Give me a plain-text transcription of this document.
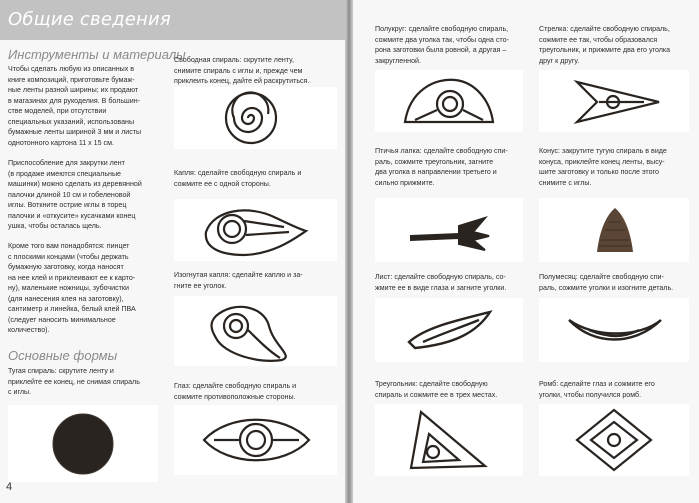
Общие сведения
Инструменты и материалы

Чтобы сделать любую из описанных в
книге композиций, приготовьте бумаж-
ные ленты разной ширины; их продают
в магазинах для рукоделия. В большин-
стве моделей, при отсутствии
специальных указаний, использованы
бумажные ленты шириной 3 мм и листы
однотонного картона 11 x 15 см.

Приспособление для закрутки лент
(в продаже имеются специальные
машинки) можно сделать из деревянной
палочки длиной 10 см и гобеленовой
иглы. Воткните острие иглы в торец
палочки и «откусите» кусачками конец
ушка, чтобы осталась щель.

Кроме того вам понадобятся: пинцет
с плоскими концами (чтобы держать
бумажную заготовку, когда наносят
на нее клей и приклеивают ее к карто-
ну), маленькие ножницы, зубочистки
(для нанесения клея на заготовку),
сантиметр и линейка, белый клей ПВА
(следует наносить минимальное
количество).

Основные формы

Тугая спираль: скрутите ленту и
приклейте ее конец, не снимая спираль
с иглы.

Свободная спираль: скрутите ленту,
снимите спираль с иглы и, прежде чем
приклеить конец, дайте ей раскрутиться.

Капля: сделайте свободную спираль и
сожмите ее с одной стороны.

Изогнутая капля: сделайте каплю и за-
гните ее уголок.

Глаз: сделайте свободную спираль и
сожмите противоположные стороны.

4

Полукруг: сделайте свободную спираль,
сожмите два уголка так, чтобы одна сто-
рона заготовки была ровной, а другая –
закругленной.

Стрелка: сделайте свободную спираль,
сожмите ее так, чтобы образовался
треугольник, и прижмите два его уголка
друг к другу.

Птичья лапка: сделайте свободную спи-
раль, сожмите треугольник, загните
два уголка в направлении третьего и
сильно прижмите.

Конус: закрутите тугую спираль в виде
конуса, приклейте конец ленты, высу-
шите заготовку и только после этого
снимите с иглы.

Лист: сделайте свободную спираль, со-
жмите ее в виде глаза и загните уголки.

Полумесяц: сделайте свободную спи-
раль, сожмите уголки и изогните деталь.

Треугольник: сделайте свободную
спираль и сожмите ее в трех местах.

Ромб: сделайте глаз и сожмите его
уголки, чтобы получился ромб.
